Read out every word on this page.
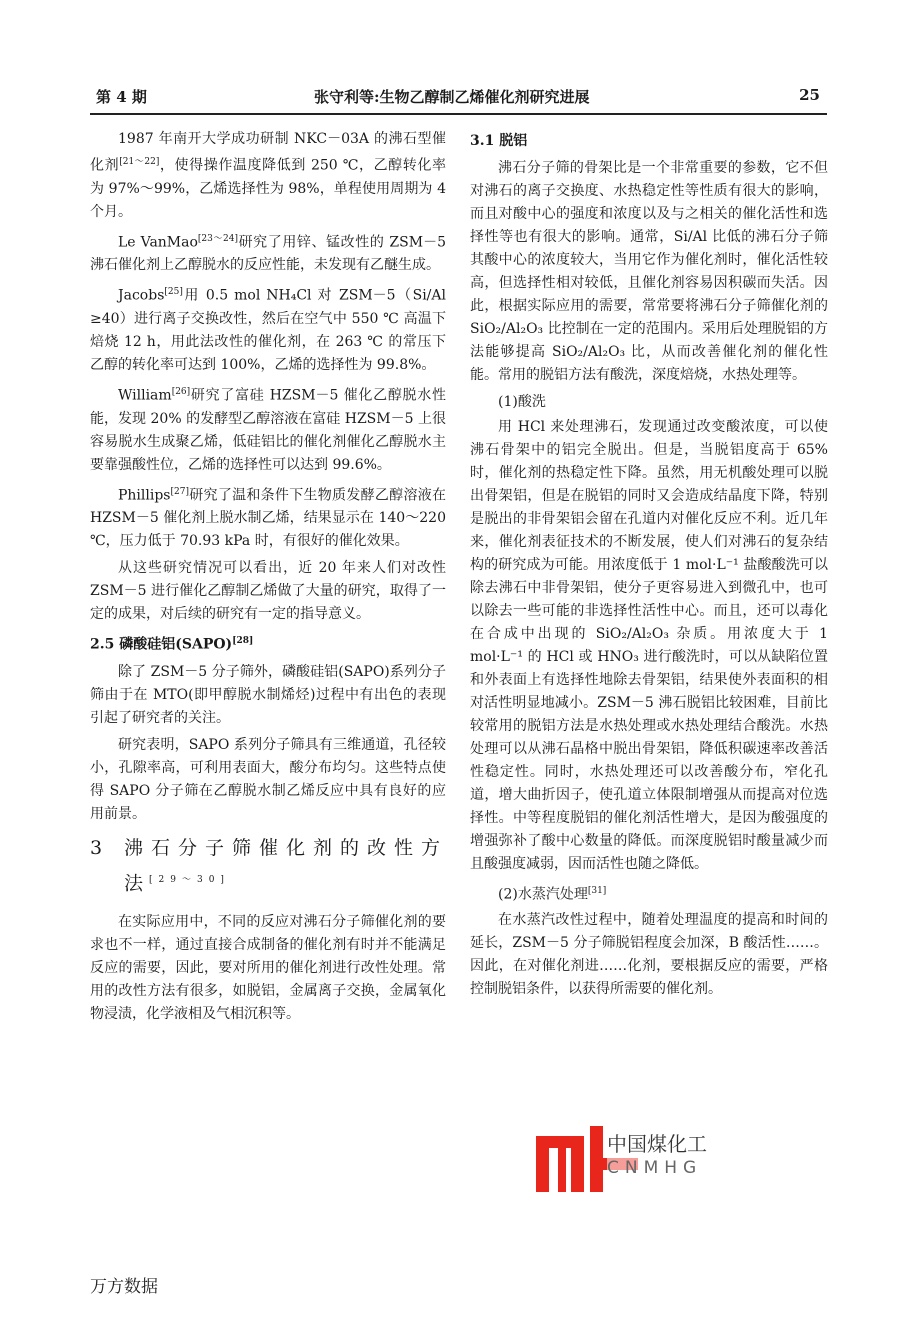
第 4 期	张守利等:生物乙醇制乙烯催化剂研究进展	25

1987 年南开大学成功研制 NKC－03A 的沸石型催化剂[21～22]，使得操作温度降低到 250 ℃，乙醇转化率为 97%～99%，乙烯选择性为 98%，单程使用周期为 4 个月。

Le VanMao[23～24]研究了用锌、锰改性的 ZSM－5 沸石催化剂上乙醇脱水的反应性能，未发现有乙醚生成。

Jacobs[25]用 0.5 mol NH₄Cl 对 ZSM－5（Si/Al ≥40）进行离子交换改性，然后在空气中 550 ℃ 高温下焙烧 12 h，用此法改性的催化剂，在 263 ℃ 的常压下乙醇的转化率可达到 100%，乙烯的选择性为 99.8%。

William[26]研究了富硅 HZSM－5 催化乙醇脱水性能，发现 20% 的发酵型乙醇溶液在富硅 HZSM－5 上很容易脱水生成聚乙烯，低硅铝比的催化剂催化乙醇脱水主要靠强酸性位，乙烯的选择性可以达到 99.6%。

Phillips[27]研究了温和条件下生物质发酵乙醇溶液在 HZSM－5 催化剂上脱水制乙烯，结果显示在 140～220 ℃，压力低于 70.93 kPa 时，有很好的催化效果。

从这些研究情况可以看出，近 20 年来人们对改性 ZSM－5 进行催化乙醇制乙烯做了大量的研究，取得了一定的成果，对后续的研究有一定的指导意义。

2.5 磷酸硅铝(SAPO)[28]

除了 ZSM－5 分子筛外，磷酸硅铝(SAPO)系列分子筛由于在 MTO(即甲醇脱水制烯烃)过程中有出色的表现引起了研究者的关注。

研究表明，SAPO 系列分子筛具有三维通道，孔径较小，孔隙率高，可利用表面大，酸分布均匀。这些特点使得 SAPO 分子筛在乙醇脱水制乙烯反应中具有良好的应用前景。

3 沸石分子筛催化剂的改性方法[29～30]

在实际应用中，不同的反应对沸石分子筛催化剂的要求也不一样，通过直接合成制备的催化剂有时并不能满足反应的需要，因此，要对所用的催化剂进行改性处理。常用的改性方法有很多，如脱铝，金属离子交换，金属氧化物浸渍，化学液相及气相沉积等。

3.1 脱铝

沸石分子筛的骨架比是一个非常重要的参数，它不但对沸石的离子交换度、水热稳定性等性质有很大的影响，而且对酸中心的强度和浓度以及与之相关的催化活性和选择性等也有很大的影响。通常，Si/Al 比低的沸石分子筛其酸中心的浓度较大，当用它作为催化剂时，催化活性较高，但选择性相对较低，且催化剂容易因积碳而失活。因此，根据实际应用的需要，常常要将沸石分子筛催化剂的 SiO₂/Al₂O₃ 比控制在一定的范围内。采用后处理脱铝的方法能够提高 SiO₂/Al₂O₃ 比，从而改善催化剂的催化性能。常用的脱铝方法有酸洗，深度焙烧，水热处理等。

(1)酸洗

用 HCl 来处理沸石，发现通过改变酸浓度，可以使沸石骨架中的铝完全脱出。但是，当脱铝度高于 65% 时，催化剂的热稳定性下降。虽然，用无机酸处理可以脱出骨架铝，但是在脱铝的同时又会造成结晶度下降，特别是脱出的非骨架铝会留在孔道内对催化反应不利。近几年来，催化剂表征技术的不断发展，使人们对沸石的复杂结构的研究成为可能。用浓度低于 1 mol·L⁻¹ 盐酸酸洗可以除去沸石中非骨架铝，使分子更容易进入到微孔中，也可以除去一些可能的非选择性活性中心。而且，还可以毒化在合成中出现的 SiO₂/Al₂O₃ 杂质。用浓度大于 1 mol·L⁻¹ 的 HCl 或 HNO₃ 进行酸洗时，可以从缺陷位置和外表面上有选择性地除去骨架铝，结果使外表面积的相对活性明显地减小。ZSM－5 沸石脱铝比较困难，目前比较常用的脱铝方法是水热处理或水热处理结合酸洗。水热处理可以从沸石晶格中脱出骨架铝，降低积碳速率改善活性稳定性。同时，水热处理还可以改善酸分布，窄化孔道，增大曲折因子，使孔道立体限制增强从而提高对位选择性。中等程度脱铝的催化剂活性增大，是因为酸强度的增强弥补了酸中心数量的降低。而深度脱铝时酸量减少而且酸强度减弱，因而活性也随之降低。

(2)水蒸汽处理[31]

在水蒸汽改性过程中，随着处理温度的提高和时间的延长，ZSM－5 分子筛脱铝程度会加深，B 酸活性……。因此，在对催化剂进……化剂，要根据反应的需要，严格控制脱铝条件，以获得所需要的催化剂。

中国煤化工
CNMHG
万方数据
